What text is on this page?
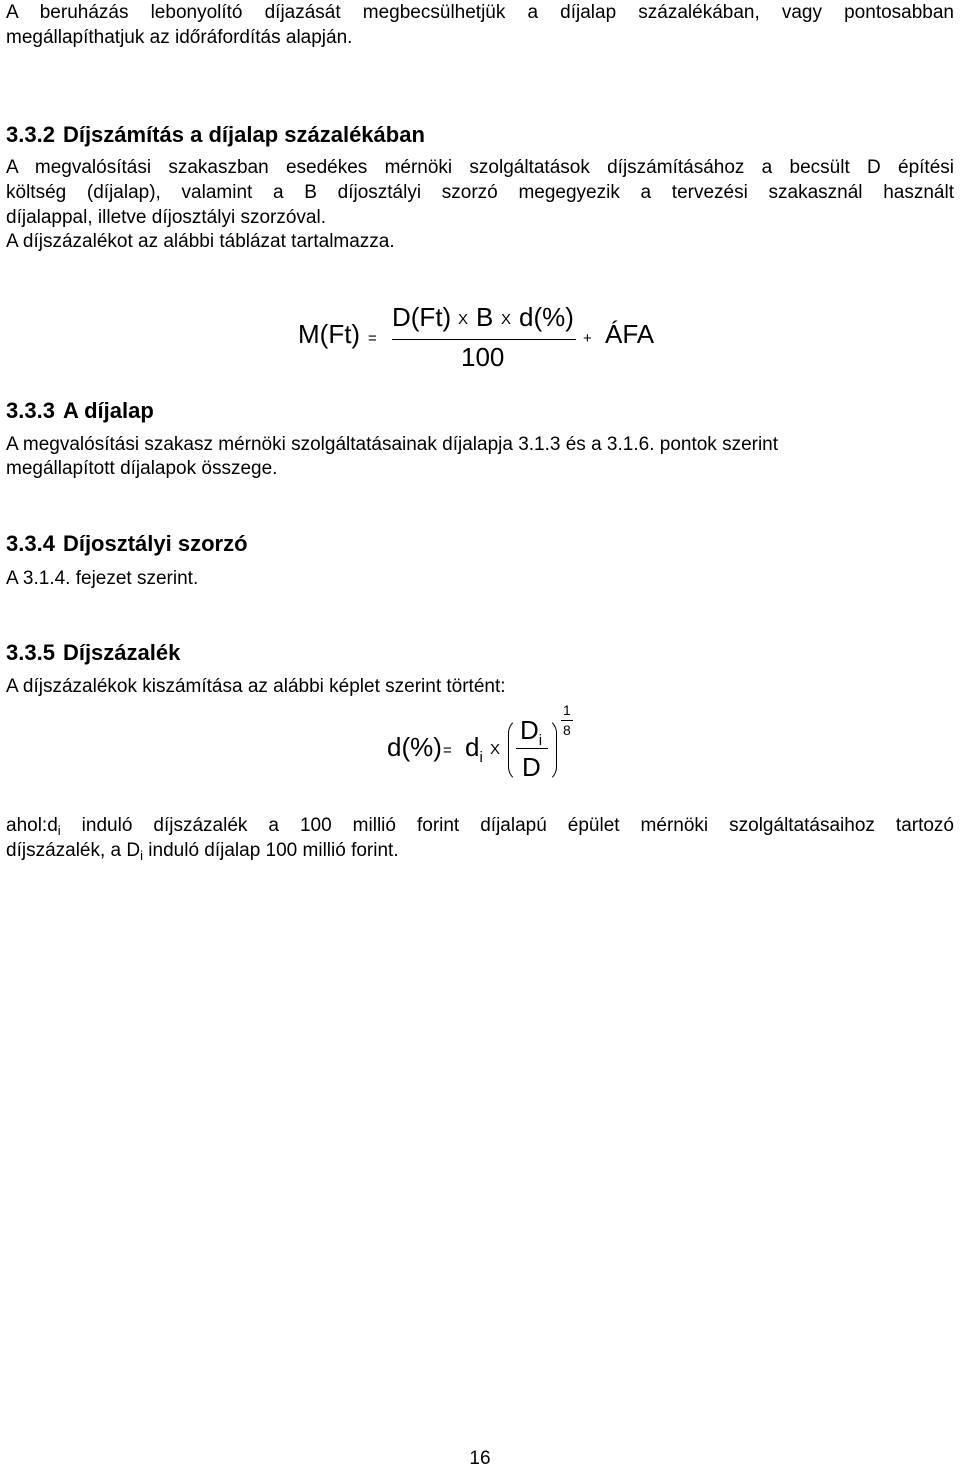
A beruházás lebonyolító díjazását megbecsülhetjük a díjalap százalékában, vagy pontosabban
megállapíthatjuk az időráfordítás alapján.
3.3.2 Díjszámítás a díjalap százalékában
A megvalósítási szakaszban esedékes mérnöki szolgáltatások díjszámításához a becsült D építési
költség (díjalap), valamint a B díjosztályi szorzó megegyezik a tervezési szakasznál használt
díjalappal, illetve díjosztályi szorzóval.
A díjszázalékot az alábbi táblázat tartalmazza.
M(Ft) =
D(Ft) X B X d(%)
100
+ ÁFA
3.3.3 A díjalap
A megvalósítási szakasz mérnöki szolgáltatásainak díjalapja 3.1.3 és a 3.1.6. pontok szerint
megállapított díjalapok összege.
3.3.4 Díjosztályi szorzó
A 3.1.4. fejezet szerint.
3.3.5 Díjszázalék
A díjszázalékok kiszámítása az alábbi képlet szerint történt:
$d(\%) = d_i$ X
$D_i$
D
1
8
$ahol:d_i$ induló díjszázalék a 100 millió forint díjalapú épület mérnöki szolgáltatásaihoz tartozó
díjszázalék, a $D_i$ induló díjalap 100 millió forint.
16
